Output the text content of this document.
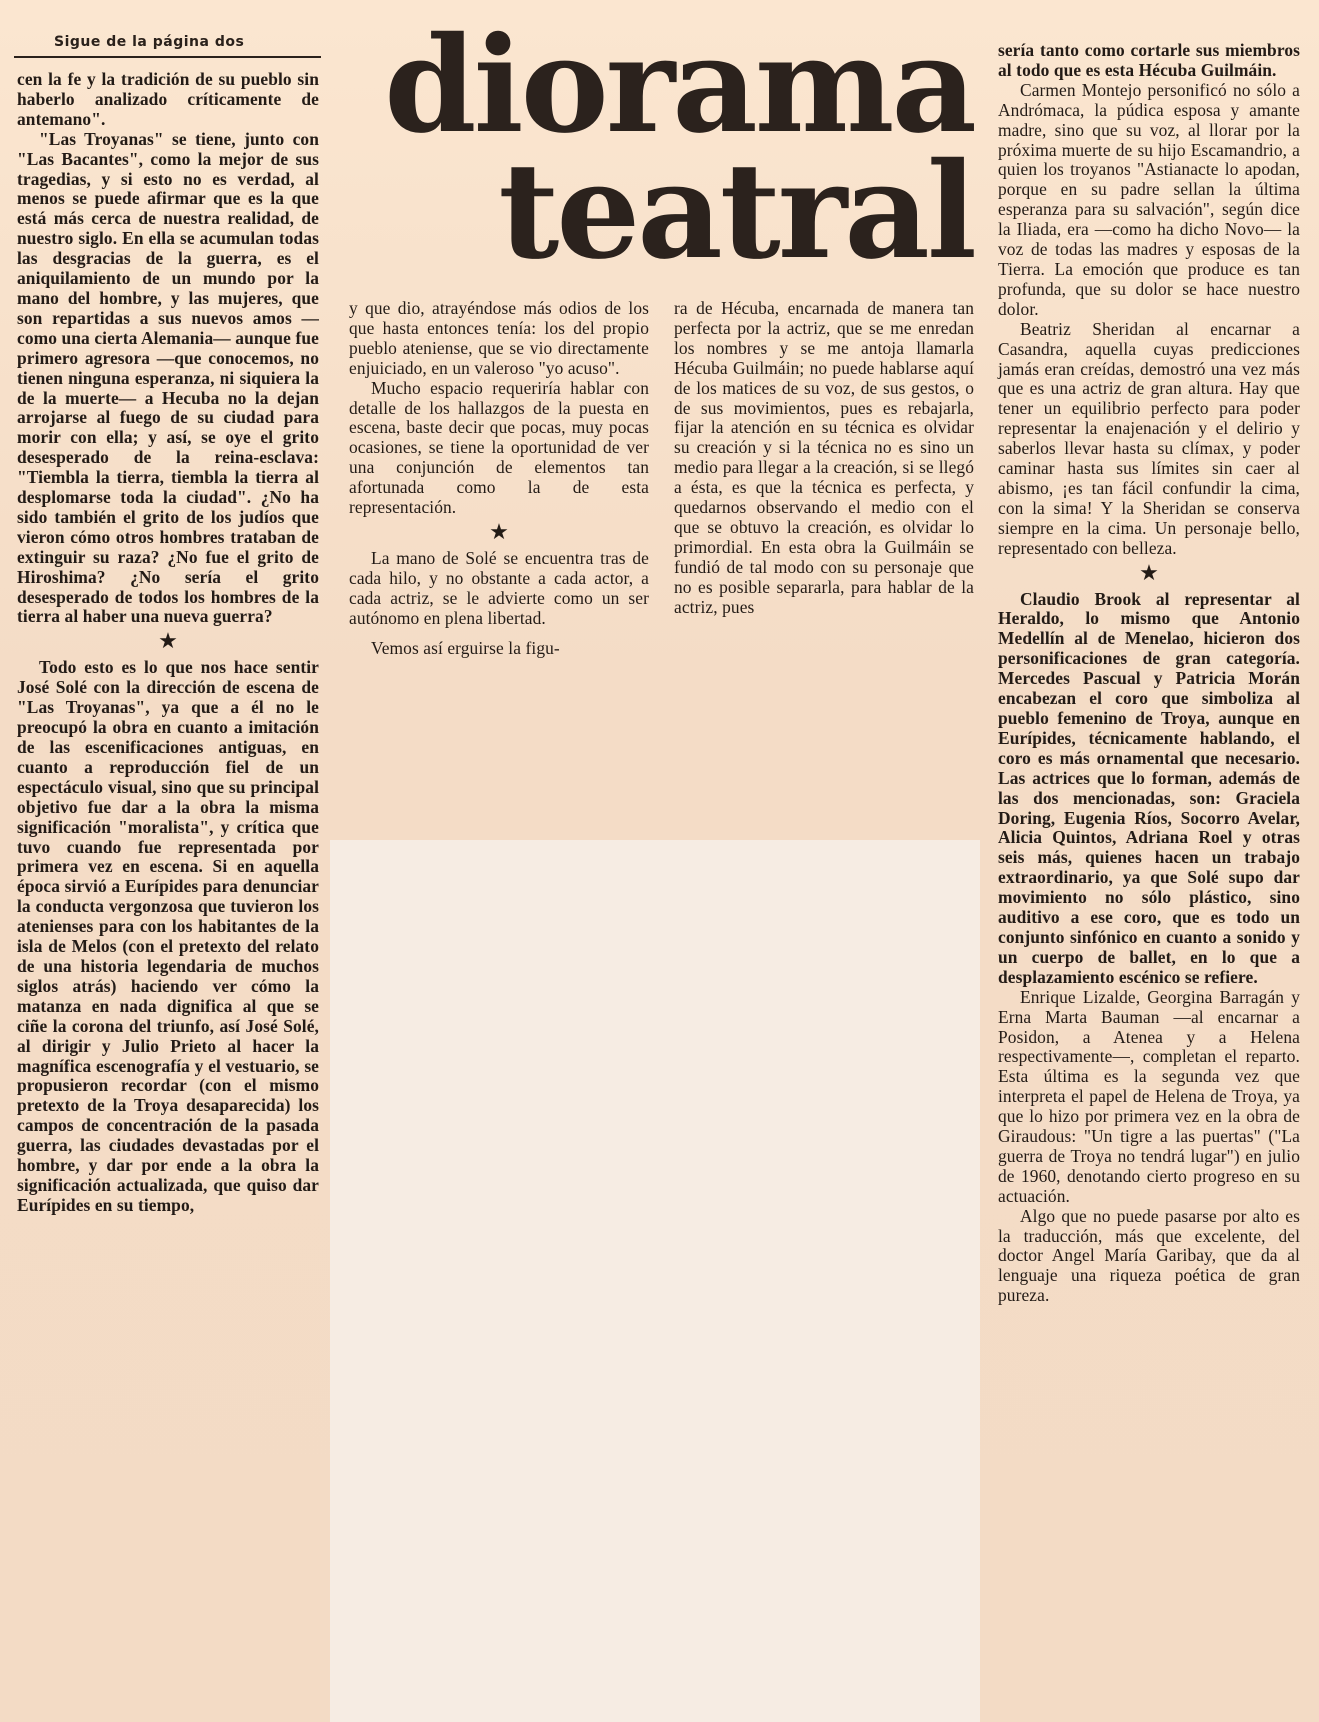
Sigue de la página dos	diorama
teatral

cen la fe y la tradición de su pueblo sin haberlo analizado críticamente de antemano".

"Las Troyanas" se tiene, junto con "Las Bacantes", como la mejor de sus tragedias, y si esto no es verdad, al menos se puede afirmar que es la que está más cerca de nuestra realidad, de nuestro siglo. En ella se acumulan todas las desgracias de la guerra, es el aniquilamiento de un mundo por la mano del hombre, y las mujeres, que son repartidas a sus nuevos amos —como una cierta Alemania— aunque fue primero agresora —que conocemos, no tienen ninguna esperanza, ni siquiera la de la muerte— a Hecuba no la dejan arrojarse al fuego de su ciudad para morir con ella; y así, se oye el grito desesperado de la reina-esclava: "Tiembla la tierra, tiembla la tierra al desplomarse toda la ciudad". ¿No ha sido también el grito de los judíos que vieron cómo otros hombres trataban de extinguir su raza? ¿No fue el grito de Hiroshima? ¿No sería el grito desesperado de todos los hombres de la tierra al haber una nueva guerra?

★

Todo esto es lo que nos hace sentir José Solé con la dirección de escena de "Las Troyanas", ya que a él no le preocupó la obra en cuanto a imitación de las escenificaciones antiguas, en cuanto a reproducción fiel de un espectáculo visual, sino que su principal objetivo fue dar a la obra la misma significación "moralista", y crítica que tuvo cuando fue representada por primera vez en escena. Si en aquella época sirvió a Eurípides para denunciar la conducta vergonzosa que tuvieron los atenienses para con los habitantes de la isla de Melos (con el pretexto del relato de una historia legendaria de muchos siglos atrás) haciendo ver cómo la matanza en nada dignifica al que se ciñe la corona del triunfo, así José Solé, al dirigir y Julio Prieto al hacer la magnífica escenografía y el vestuario, se propusieron recordar (con el mismo pretexto de la Troya desaparecida) los campos de concentración de la pasada guerra, las ciudades devastadas por el hombre, y dar por ende a la obra la significación actualizada, que quiso dar Eurípides en su tiempo,

y que dio, atrayéndose más odios de los que hasta entonces tenía: los del propio pueblo ateniense, que se vio directamente enjuiciado, en un valeroso "yo acuso".

Mucho espacio requeriría hablar con detalle de los hallazgos de la puesta en escena, baste decir que pocas, muy pocas ocasiones, se tiene la oportunidad de ver una conjunción de elementos tan afortunada como la de esta representación.

★

La mano de Solé se encuentra tras de cada hilo, y no obstante a cada actor, a cada actriz, se le advierte como un ser autónomo en plena libertad.

Vemos así erguirse la figu-

ra de Hécuba, encarnada de manera tan perfecta por la actriz, que se me enredan los nombres y se me antoja llamarla Hécuba Guilmáin; no puede hablarse aquí de los matices de su voz, de sus gestos, o de sus movimientos, pues es rebajarla, fijar la atención en su técnica es olvidar su creación y si la técnica no es sino un medio para llegar a la creación, si se llegó a ésta, es que la técnica es perfecta, y quedarnos observando el medio con el que se obtuvo la creación, es olvidar lo primordial. En esta obra la Guilmáin se fundió de tal modo con su personaje que no es posible separarla, para hablar de la actriz, pues

sería tanto como cortarle sus miembros al todo que es esta Hécuba Guilmáin.

Carmen Montejo personificó no sólo a Andrómaca, la púdica esposa y amante madre, sino que su voz, al llorar por la próxima muerte de su hijo Escamandrio, a quien los troyanos "Astianacte lo apodan, porque en su padre sellan la última esperanza para su salvación", según dice la Iliada, era —como ha dicho Novo— la voz de todas las madres y esposas de la Tierra. La emoción que produce es tan profunda, que su dolor se hace nuestro dolor.

Beatriz Sheridan al encarnar a Casandra, aquella cuyas predicciones jamás eran creídas, demostró una vez más que es una actriz de gran altura. Hay que tener un equilibrio perfecto para poder representar la enajenación y el delirio y saberlos llevar hasta su clímax, y poder caminar hasta sus límites sin caer al abismo, ¡es tan fácil confundir la cima, con la sima! Y la Sheridan se conserva siempre en la cima. Un personaje bello, representado con belleza.

★

Claudio Brook al representar al Heraldo, lo mismo que Antonio Medellín al de Menelao, hicieron dos personificaciones de gran categoría. Mercedes Pascual y Patricia Morán encabezan el coro que simboliza al pueblo femenino de Troya, aunque en Eurípides, técnicamente hablando, el coro es más ornamental que necesario. Las actrices que lo forman, además de las dos mencionadas, son: Graciela Doring, Eugenia Ríos, Socorro Avelar, Alicia Quintos, Adriana Roel y otras seis más, quienes hacen un trabajo extraordinario, ya que Solé supo dar movimiento no sólo plástico, sino auditivo a ese coro, que es todo un conjunto sinfónico en cuanto a sonido y un cuerpo de ballet, en lo que a desplazamiento escénico se refiere.

Enrique Lizalde, Georgina Barragán y Erna Marta Bauman —al encarnar a Posidon, a Atenea y a Helena respectivamente—, completan el reparto. Esta última es la segunda vez que interpreta el papel de Helena de Troya, ya que lo hizo por primera vez en la obra de Giraudous: "Un tigre a las puertas" ("La guerra de Troya no tendrá lugar") en julio de 1960, denotando cierto progreso en su actuación.

Algo que no puede pasarse por alto es la traducción, más que excelente, del doctor Angel María Garibay, que da al lenguaje una riqueza poética de gran pureza.
